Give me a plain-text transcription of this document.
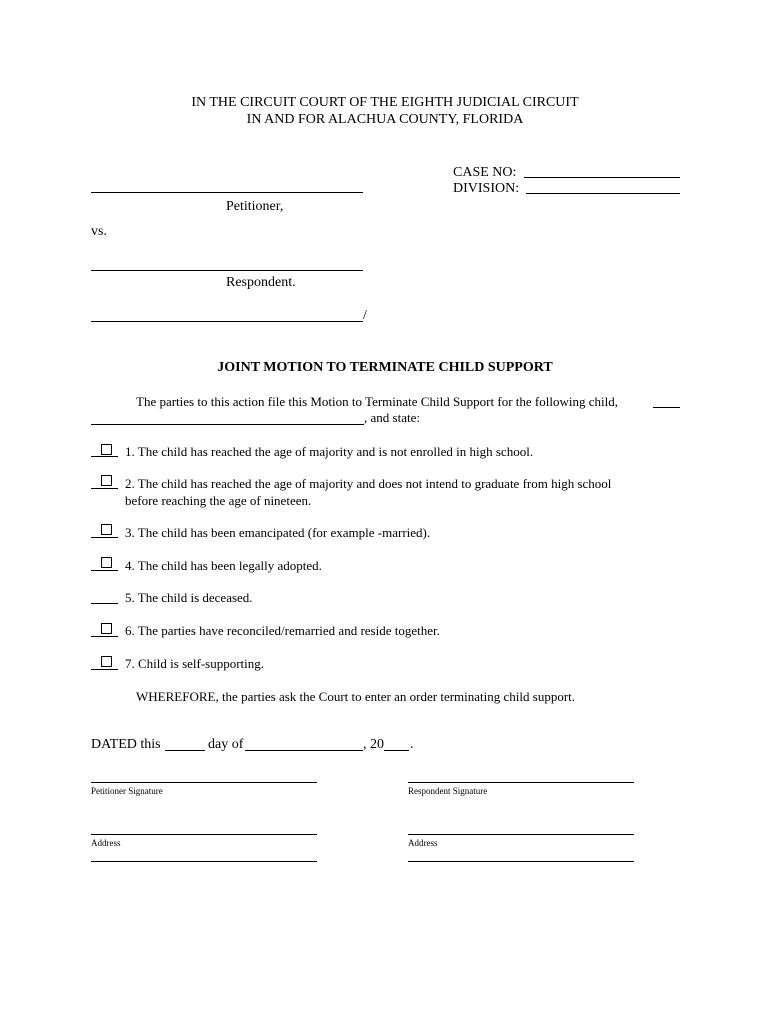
IN THE CIRCUIT COURT OF THE EIGHTH JUDICIAL CIRCUIT
IN AND FOR ALACHUA COUNTY, FLORIDA
CASE NO:
DIVISION:
Petitioner,
vs.
Respondent.
/
JOINT MOTION TO TERMINATE CHILD SUPPORT
The parties to this action file this Motion to Terminate Child Support for the following child,
, and state:
1. The child has reached the age of majority and is not enrolled in high school.
2. The child has reached the age of majority and does not intend to graduate from high school
before reaching the age of nineteen.
3. The child has been emancipated (for example -married).
4. The child has been legally adopted.
5. The child is deceased.
6. The parties have reconciled/remarried and reside together.
7. Child is self-supporting.
WHEREFORE, the parties ask the Court to enter an order terminating child support.
DATED this	day of	, 20 .
Petitioner Signature	Respondent Signature
Address	Address
